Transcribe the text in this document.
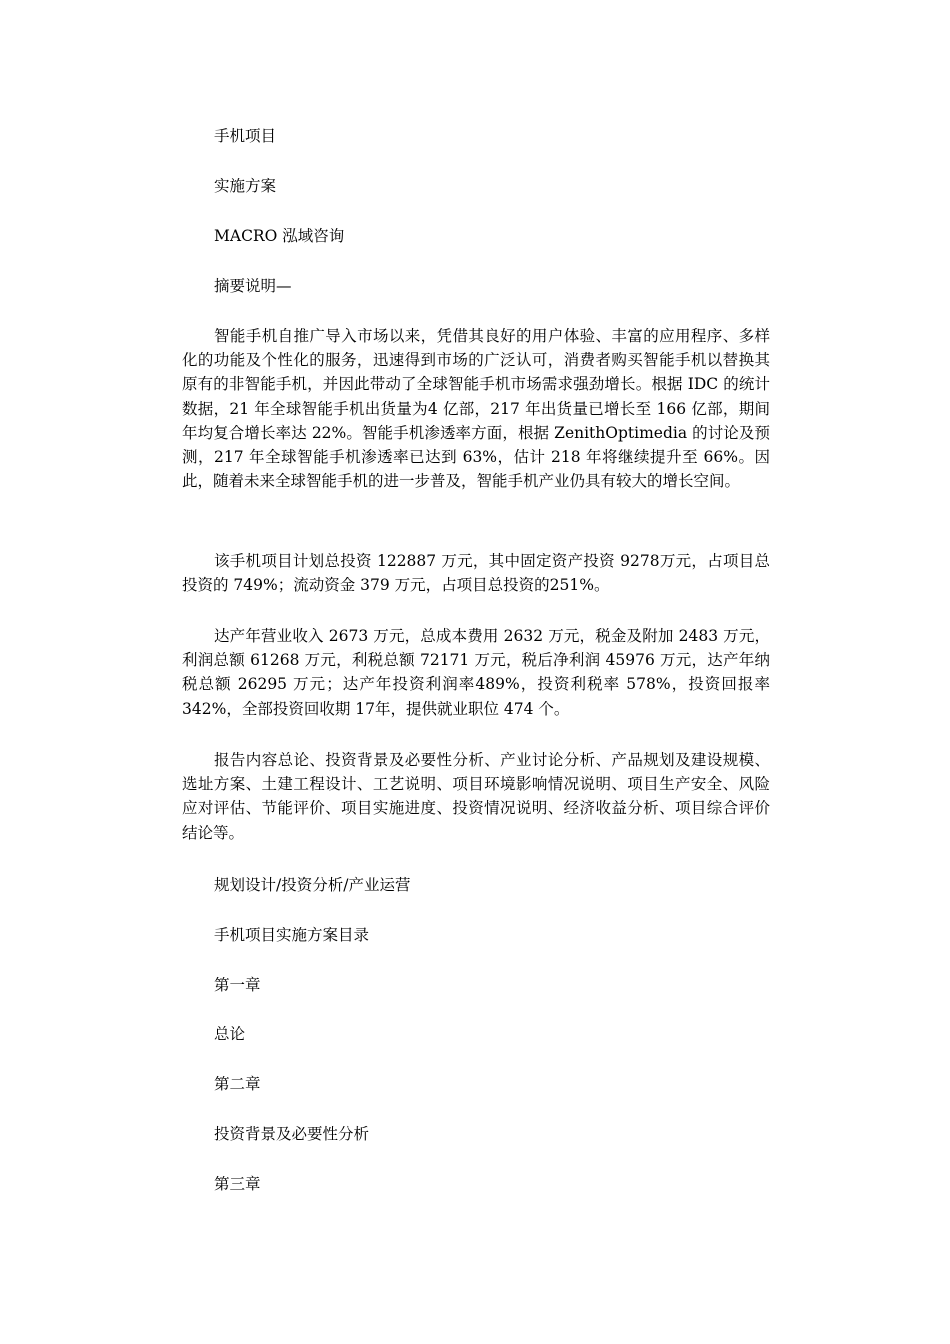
手机项目

实施方案

MACRO 泓域咨询

摘要说明—

智能手机自推广导入市场以来，凭借其良好的用户体验、丰富的应用程序、多样化的功能及个性化的服务，迅速得到市场的广泛认可，消费者购买智能手机以替换其原有的非智能手机，并因此带动了全球智能手机市场需求强劲增长。根据 IDC 的统计数据，21 年全球智能手机出货量为4 亿部，217 年出货量已增长至 166 亿部，期间年均复合增长率达 22%。智能手机渗透率方面，根据 ZenithOptimedia 的讨论及预测，217 年全球智能手机渗透率已达到 63%，估计 218 年将继续提升至 66%。因此，随着未来全球智能手机的进一步普及，智能手机产业仍具有较大的增长空间。

该手机项目计划总投资 122887 万元，其中固定资产投资 9278万元，占项目总投资的 749%；流动资金 379 万元，占项目总投资的251%。

达产年营业收入 2673 万元，总成本费用 2632 万元，税金及附加 2483 万元，利润总额 61268 万元，利税总额 72171 万元，税后净利润 45976 万元，达产年纳税总额 26295 万元；达产年投资利润率489%，投资利税率 578%，投资回报率 342%，全部投资回收期 17年，提供就业职位 474 个。

报告内容总论、投资背景及必要性分析、产业讨论分析、产品规划及建设规模、选址方案、土建工程设计、工艺说明、项目环境影响情况说明、项目生产安全、风险应对评估、节能评价、项目实施进度、投资情况说明、经济收益分析、项目综合评价结论等。

规划设计/投资分析/产业运营

手机项目实施方案目录

第一章

总论

第二章

投资背景及必要性分析

第三章
